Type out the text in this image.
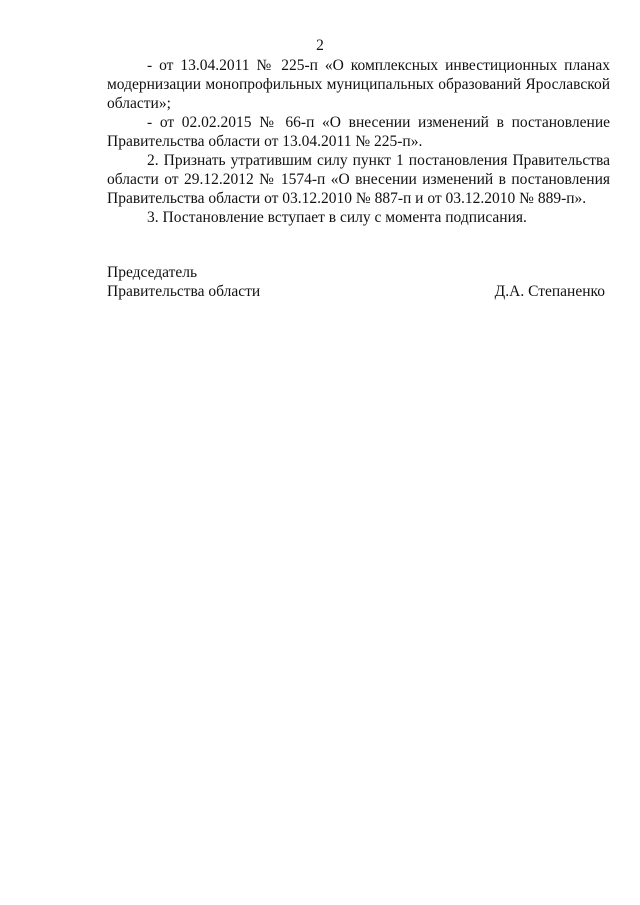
2

- от 13.04.2011 № 225-п «О комплексных инвестиционных планах модернизации монопрофильных муниципальных образований Ярославской области»;

- от 02.02.2015 № 66-п «О внесении изменений в постановление Правительства области от 13.04.2011 № 225-п».

2. Признать утратившим силу пункт 1 постановления Правительства области от 29.12.2012 № 1574-п «О внесении изменений в постановления Правительства области от 03.12.2010 № 887-п и от 03.12.2010 № 889-п».

3. Постановление вступает в силу с момента подписания.

Председатель
Правительства области	Д.А. Степаненко
